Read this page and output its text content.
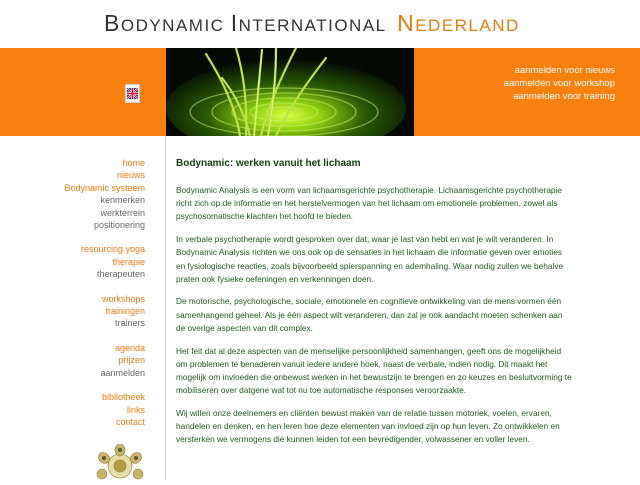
BODYNAMIC INTERNATIONAL NEDERLAND
aanmelden voor nieuws
aanmelden voor workshop
aanmelden voor training
home
nieuws
Bodynamic systeem
kenmerken
werkterrein
positionering
resourcing yoga
therapie
therapeuten
workshops
trainingen
trainers
agenda
prijzen
aanmelden
bibliotheek
links
contact
Bodynamic: werken vanuit het lichaam

Bodynamic Analysis is een vorm van lichaamsgerichte psychotherapie. Lichaamsgerichte psychotherapie richt zich op de informatie en het herstelvermogen van het lichaam om emotionele problemen, zowel als psychosomatische klachten het hoofd te bieden.

In verbale psychotherapie wordt gesproken over dat, waar je last van hebt en wat je wilt veranderen. In Bodynamic Analysis richten we ons ook op de sensaties in het lichaam die informatie geven over emoties en fysiologische reacties, zoals bijvoorbeeld spierspanning en ademhaling. Waar nodig zullen we behalve praten ook fysieke oefeningen en verkenningen doen.

De motorische, psychologische, sociale, emotionele en cognitieve ontwikkeling van de mens vormen één samenhangend geheel. Als je één aspect wilt veranderen, dan zal je ook aandacht moeten schenken aan de overige aspecten van dit complex.

Het feit dat al deze aspecten van de menselijke persoonlijkheid samenhangen, geeft ons de mogelijkheid om problemen te benaderen vanuit iedere andere hoek, naast de verbale, indien nodig. Dit maakt het mogelijk om invloeden die onbewust werken in het bewustzijn te brengen en zo keuzes en besluitvorming te mobiliseren over datgene wat tot nu toe automatische responses veroorzaakte.

Wij willen onze deelnemers en cliënten bewust maken van de relatie tussen motoriek, voelen, ervaren, handelen en denken, en hen leren hoe deze elementen van invloed zijn op hun leven. Zo ontwikkelen en versterken we vermogens die kunnen leiden tot een bevredigender, volwassener en voller leven.
